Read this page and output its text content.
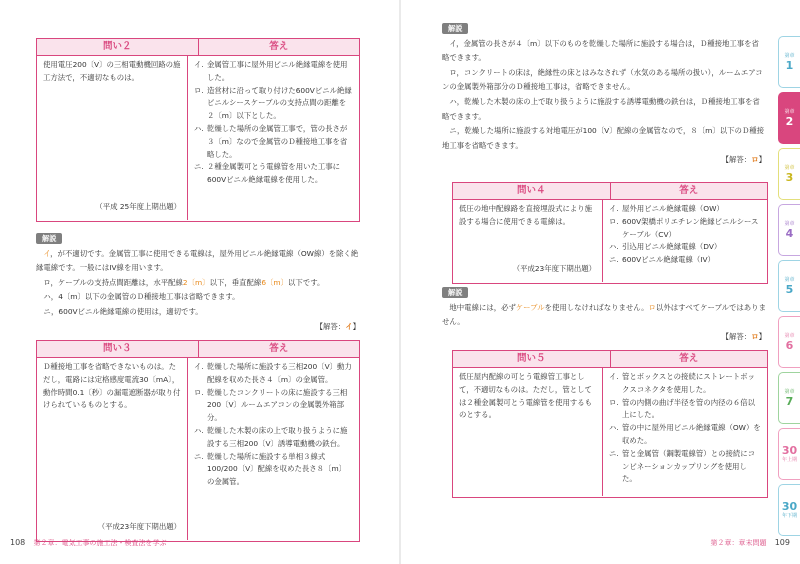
問い２	答え
使用電圧200〔V〕の三相電動機回路の施工方法で，不適切なものは。
（平成 25年度上期出題）
イ. 金属管工事に屋外用ビニル絶縁電線を使用した。
ロ. 造営材に沿って取り付けた600Vビニル絶縁ビニルシースケーブルの支持点間の距離を２〔m〕以下とした。
ハ. 乾燥した場所の金属管工事で，管の長さが３〔m〕なので金属管のＤ種接地工事を省略した。
ニ. ２種金属製可とう電線管を用いた工事に600Vビニル絶縁電線を使用した。
解説

イ，が不適切です。金属管工事に使用できる電線は，屋外用ビニル絶縁電線（OW線）を除く絶縁電線です。一般にはIV線を用います。

ロ，ケーブルの支持点間距離は，水平配線2〔m〕以下，垂直配線6〔m〕以下です。

ハ，4〔m〕以下の金属管のＤ種接地工事は省略できます。

ニ，600Vビニル絶縁電線の使用は，適切です。

【解答：イ】
問い３	答え
Ｄ種接地工事を省略できないものは。ただし，電路には定格感度電流30〔mA〕，動作時間0.1〔秒〕の漏電遮断器が取り付けられているものとする。
（平成23年度下期出題）
イ. 乾燥した場所に施設する三相200〔V〕動力配線を収めた長さ４〔m〕の金属管。
ロ. 乾燥したコンクリートの床に施設する三相200〔V〕ルームエアコンの金属製外箱部分。
ハ. 乾燥した木製の床の上で取り扱うように施設する三相200〔V〕誘導電動機の鉄台。
ニ. 乾燥した場所に施設する単相３線式100/200〔V〕配線を収めた長さ８〔m〕の金属管。
108 第２章：電気工事の施工法・検査法を学ぶ
解説

イ，金属管の長さが４〔m〕以下のものを乾燥した場所に施設する場合は，Ｄ種接地工事を省略できます。

ロ，コンクリートの床は，絶縁性の床とはみなされず（水気のある場所の扱い），ルームエアコンの金属製外箱部分のＤ種接地工事は，省略できません。

ハ，乾燥した木製の床の上で取り扱うように施設する誘導電動機の鉄台は，Ｄ種接地工事を省略できます。

ニ，乾燥した場所に施設する対地電圧が100〔V〕配線の金属管なので，８〔m〕以下のＤ種接地工事を省略できます。

【解答：ロ】
問い４	答え
低圧の地中配線路を直接埋設式により施設する場合に使用できる電線は。
（平成23年度下期出題）
イ. 屋外用ビニル絶縁電線（OW）
ロ. 600V架橋ポリエチレン絶縁ビニルシースケーブル（CV）
ハ. 引込用ビニル絶縁電線（DV）
ニ. 600Vビニル絶縁電線（IV）
解説

地中電線には，必ずケーブルを使用しなければなりません。ロ以外はすべてケーブルではありません。

【解答：ロ】
問い５	答え
低圧屋内配線の可とう電線管工事として，不適切なものは。ただし，管としては２種金属製可とう電線管を使用するものとする。
イ. 管とボックスとの接続にストレートボックスコネクタを使用した。
ロ. 管の内側の曲げ半径を管の内径の６倍以上にした。
ハ. 管の中に屋外用ビニル絶縁電線（OW）を収めた。
ニ. 管と金属管（鋼製電線管）との接続にコンビネーションカップリングを使用した。
第２章：章末問題 109
第章
1
第章
2
第章
3
第章
4
第章
5
第章
6
第章
7
30
年上期
30
年下期
